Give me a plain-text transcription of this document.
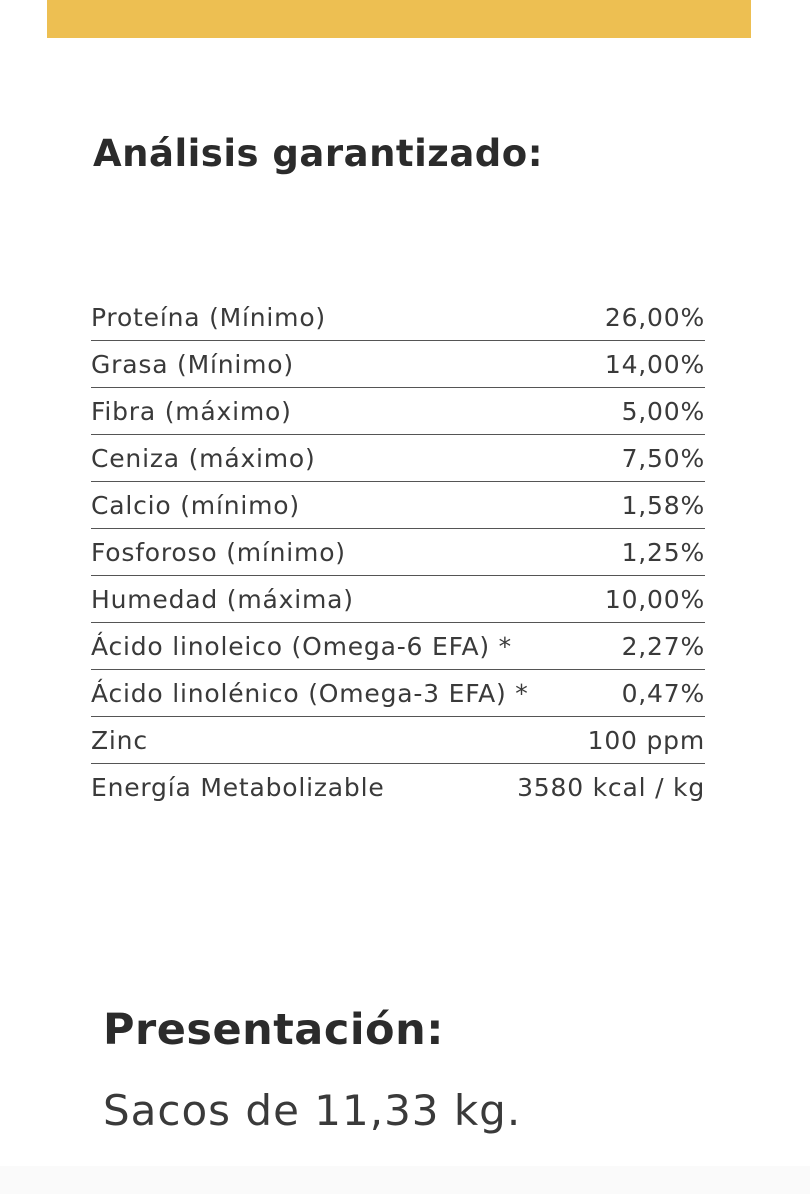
Análisis garantizado:
Proteína (Mínimo)	26,00%
Grasa (Mínimo)	14,00%
Fibra (máximo)	5,00%
Ceniza (máximo)	7,50%
Calcio (mínimo)	1,58%
Fosforoso (mínimo)	1,25%
Humedad (máxima)	10,00%
Ácido linoleico (Omega-6 EFA) *	2,27%
Ácido linolénico (Omega-3 EFA) *	0,47%
Zinc	100 ppm
Energía Metabolizable	3580 kcal / kg
Presentación:

Sacos de 11,33 kg.
